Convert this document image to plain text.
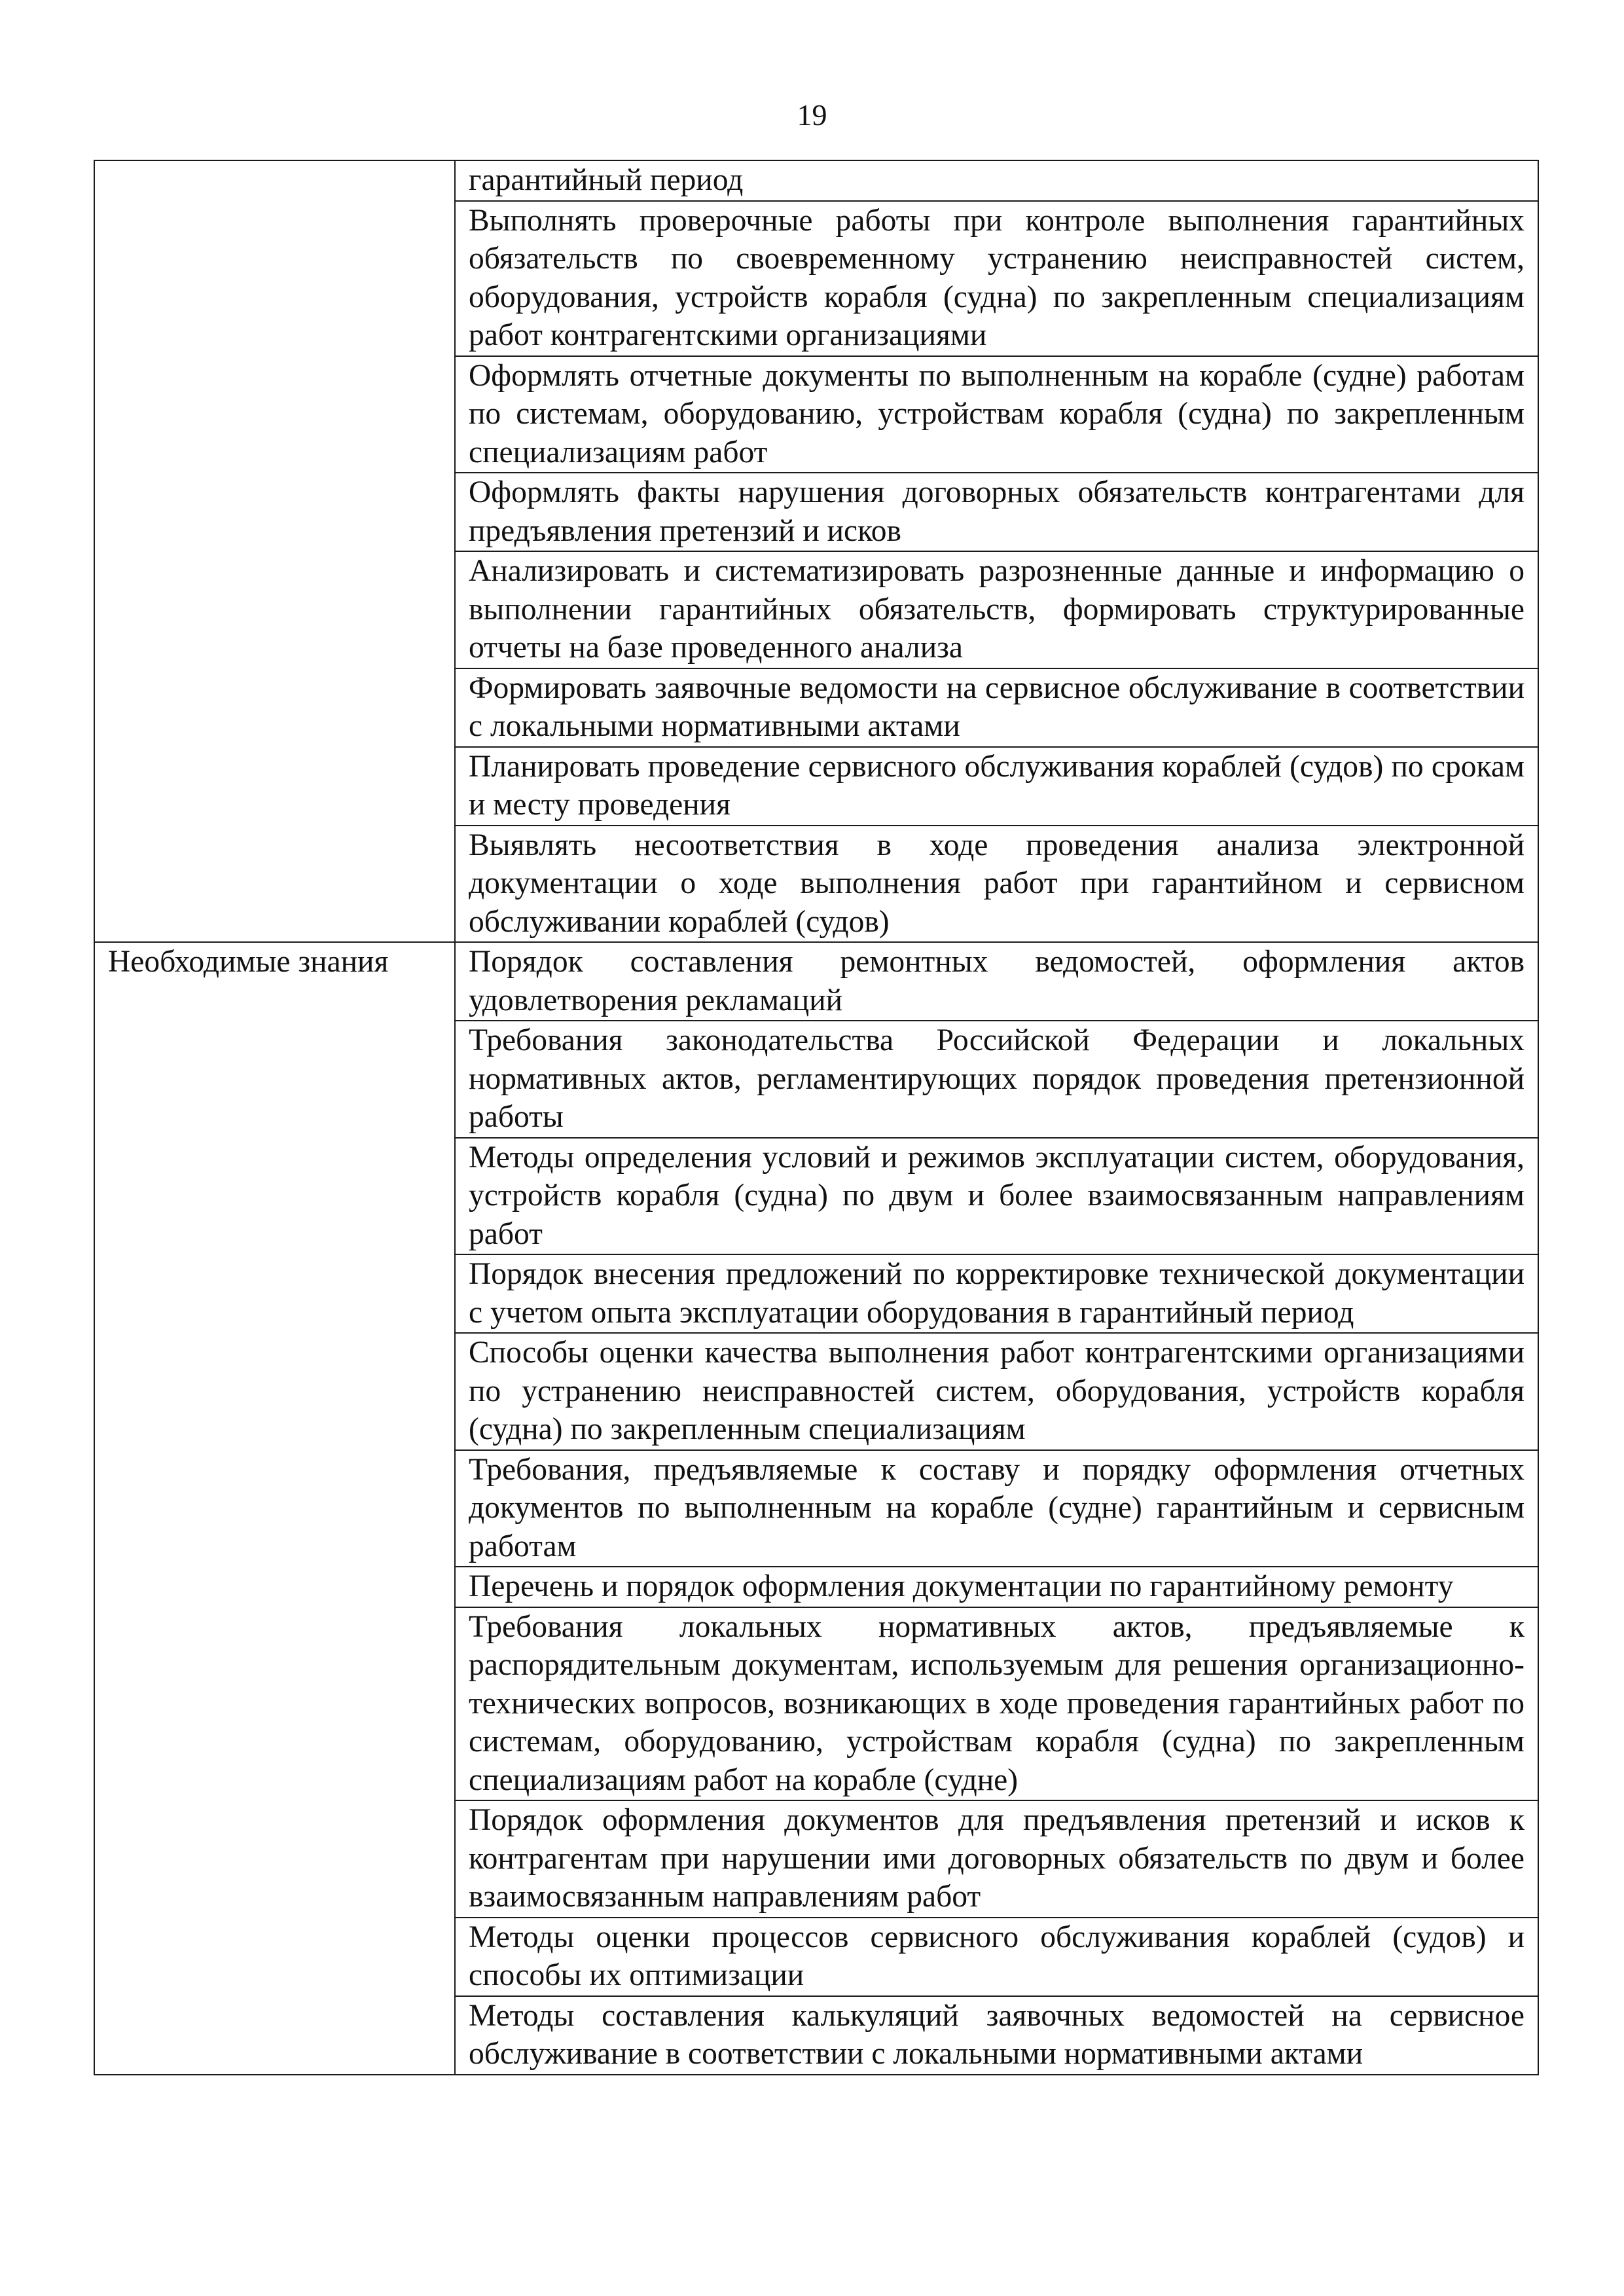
19
	гарантийный период
	Выполнять проверочные работы при контроле выполнения гарантийных обязательств по своевременному устранению неисправностей систем, оборудования, устройств корабля (судна) по закрепленным специализациям работ контрагентскими организациями
	Оформлять отчетные документы по выполненным на корабле (судне) работам по системам, оборудованию, устройствам корабля (судна) по закрепленным специализациям работ
	Оформлять факты нарушения договорных обязательств контрагентами для предъявления претензий и исков
	Анализировать и систематизировать разрозненные данные и информацию о выполнении гарантийных обязательств, формировать структурированные отчеты на базе проведенного анализа
	Формировать заявочные ведомости на сервисное обслуживание в соответствии с локальными нормативными актами
	Планировать проведение сервисного обслуживания кораблей (судов) по срокам и месту проведения
	Выявлять несоответствия в ходе проведения анализа электронной документации о ходе выполнения работ при гарантийном и сервисном обслуживании кораблей (судов)
Необходимые знания	Порядок составления ремонтных ведомостей, оформления актов удовлетворения рекламаций
	Требования законодательства Российской Федерации и локальных нормативных актов, регламентирующих порядок проведения претензионной работы
	Методы определения условий и режимов эксплуатации систем, оборудования, устройств корабля (судна) по двум и более взаимосвязанным направлениям работ
	Порядок внесения предложений по корректировке технической документации с учетом опыта эксплуатации оборудования в гарантийный период
	Способы оценки качества выполнения работ контрагентскими организациями по устранению неисправностей систем, оборудования, устройств корабля (судна) по закрепленным специализациям
	Требования, предъявляемые к составу и порядку оформления отчетных документов по выполненным на корабле (судне) гарантийным и сервисным работам
	Перечень и порядок оформления документации по гарантийному ремонту
	Требования локальных нормативных актов, предъявляемые к распорядительным документам, используемым для решения организационно-технических вопросов, возникающих в ходе проведения гарантийных работ по системам, оборудованию, устройствам корабля (судна) по закрепленным специализациям работ на корабле (судне)
	Порядок оформления документов для предъявления претензий и исков к контрагентам при нарушении ими договорных обязательств по двум и более взаимосвязанным направлениям работ
	Методы оценки процессов сервисного обслуживания кораблей (судов) и способы их оптимизации
	Методы составления калькуляций заявочных ведомостей на сервисное обслуживание в соответствии с локальными нормативными актами
